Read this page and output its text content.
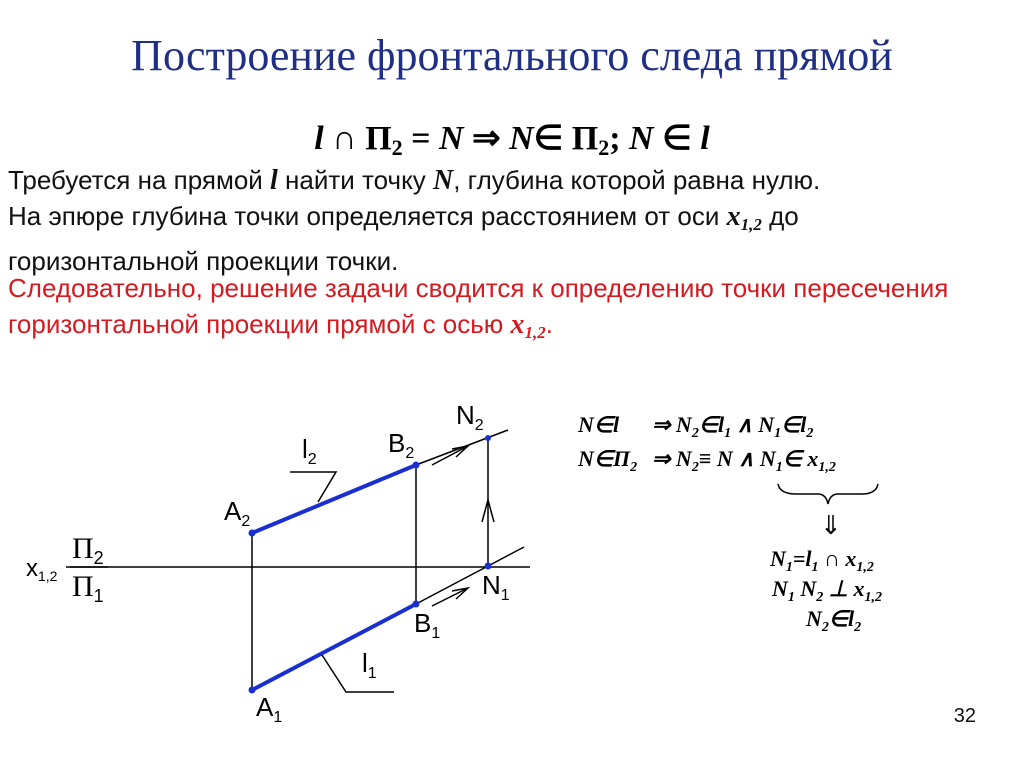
Построение фронтального следа прямой
l ∩ $\Pi_2 = N$ ⇒ N∈ $\Pi_2$; N ∈ l
Требуется на прямой l найти точку N, глубина которой равна нулю.
На эпюре глубина точки определяется расстоянием от оси $x_{1,2}$ до
горизонтальной проекции точки.
Следовательно, решение задачи сводится к определению точки пересечения горизонтальной проекции прямой с осью $x_{1,2}$.
$x_{1,2}$
$\Pi_2$
$\Pi_1$
$l_2$
$l_1$
$A_2$
$A_1$
$B_2$
$B_1$
$N_2$
$N_1$
N∈l ⇒ $N_2\in l_1$ ∧ $N_1\in l_2$
$N\in\Pi_2$ ⇒ $N_2\equiv N$ ∧ $N_1\in$ $x_{1,2}$
⇓
$N_1=l_1$ ∩ $x_{1,2}$
$N_1$ $N_2$ ⊥ $x_{1,2}$
$N_2\in l_2$
32
